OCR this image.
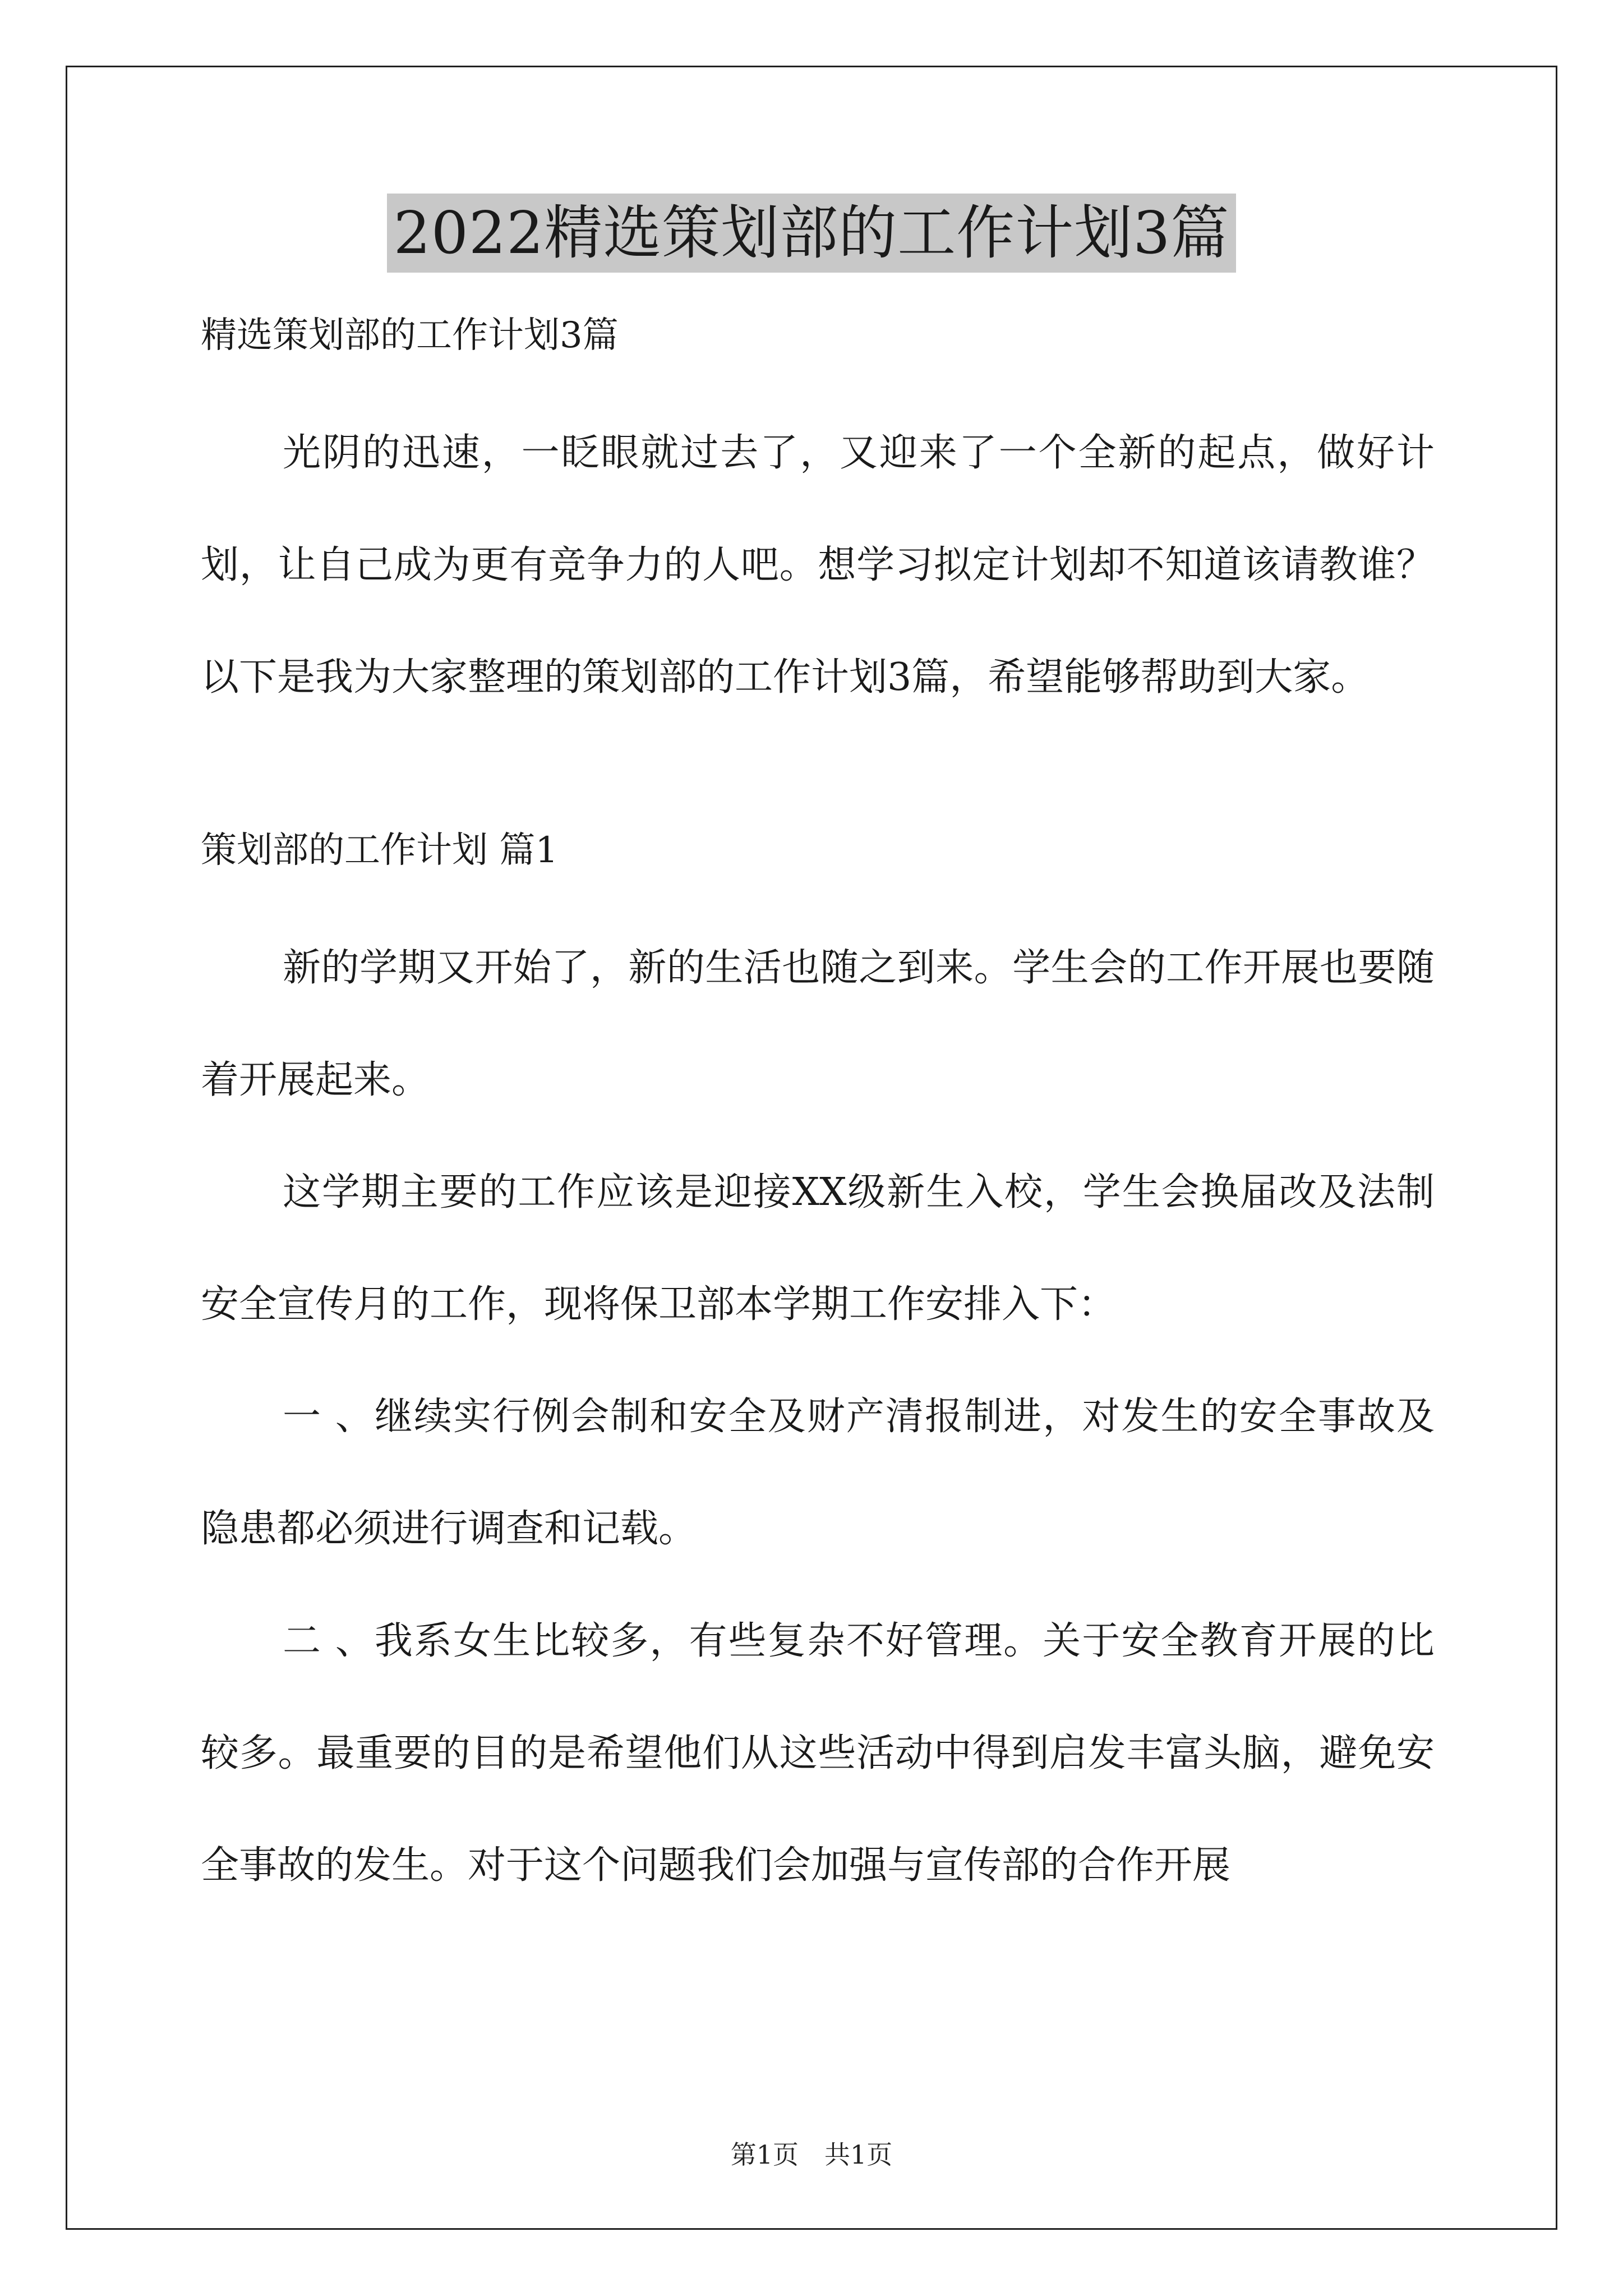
2022精选策划部的工作计划3篇

精选策划部的工作计划3篇

光阴的迅速，一眨眼就过去了，又迎来了一个全新的起点，做好计划，让自己成为更有竞争力的人吧。想学习拟定计划却不知道该请教谁？以下是我为大家整理的策划部的工作计划3篇，希望能够帮助到大家。

策划部的工作计划 篇1

新的学期又开始了，新的生活也随之到来。学生会的工作开展也要随着开展起来。

这学期主要的工作应该是迎接XX级新生入校，学生会换届改及法制安全宣传月的工作，现将保卫部本学期工作安排入下：

一 、继续实行例会制和安全及财产清报制进，对发生的安全事故及隐患都必须进行调查和记载。

二 、我系女生比较多，有些复杂不好管理。关于安全教育开展的比较多。最重要的目的是希望他们从这些活动中得到启发丰富头脑，避免安全事故的发生。对于这个问题我们会加强与宣传部的合作开展

第1页　共1页
